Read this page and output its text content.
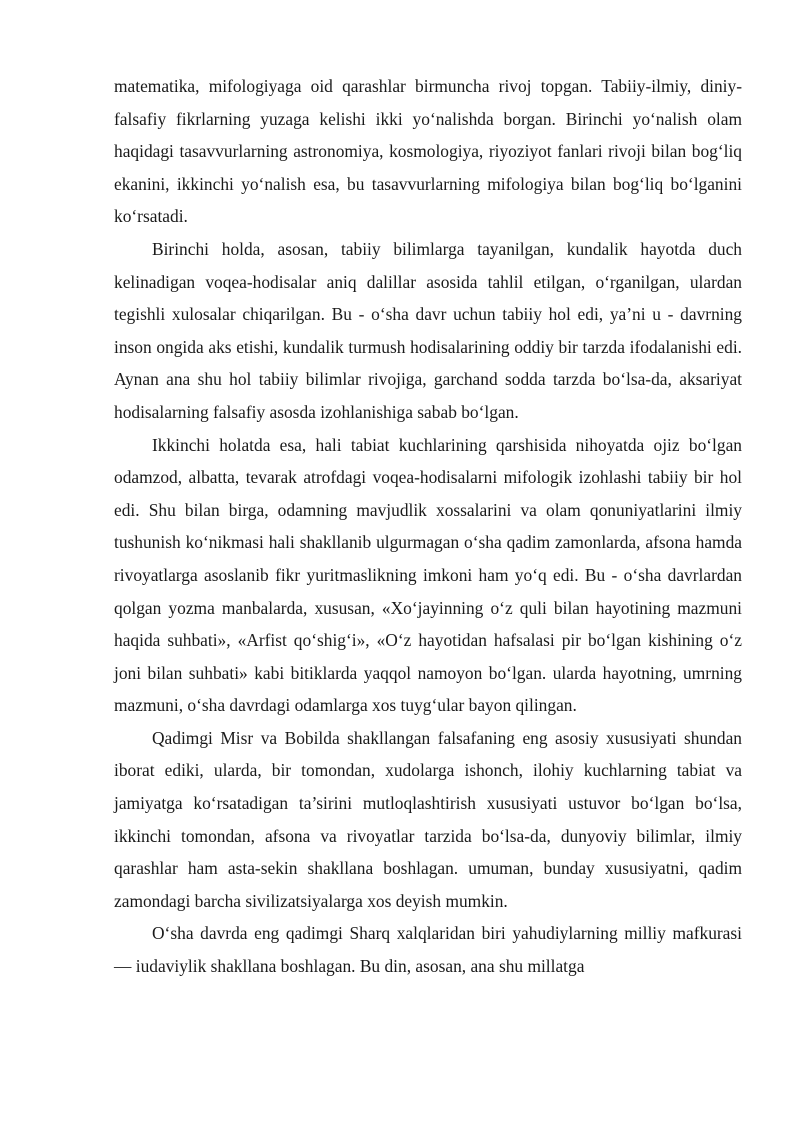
matematika, mifologiyaga oid qarashlar birmuncha rivoj topgan. Tabiiy-ilmiy, diniy-falsafiy fikrlarning yuzaga kelishi ikki yo‘nalishda borgan. Birinchi yo‘nalish olam haqidagi tasavvurlarning astronomiya, kosmologiya, riyoziyot fanlari rivoji bilan bog‘liq ekanini, ikkinchi yo‘nalish esa, bu tasavvurlarning mifologiya bilan bog‘liq bo‘lganini ko‘rsatadi.

Birinchi holda, asosan, tabiiy bilimlarga tayanilgan, kundalik hayotda duch kelinadigan voqea-hodisalar aniq dalillar asosida tahlil etilgan, o‘rganilgan, ulardan tegishli xulosalar chiqarilgan. Bu - o‘sha davr uchun tabiiy hol edi, ya’ni u - davrning inson ongida aks etishi, kundalik turmush hodisalarining oddiy bir tarzda ifodalanishi edi. Aynan ana shu hol tabiiy bilimlar rivojiga, garchand sodda tarzda bo‘lsa-da, aksariyat hodisalarning falsafiy asosda izohlanishiga sabab bo‘lgan.

Ikkinchi holatda esa, hali tabiat kuchlarining qarshisida nihoyatda ojiz bo‘lgan odamzod, albatta, tevarak atrofdagi voqea-hodisalarni mifologik izohlashi tabiiy bir hol edi. Shu bilan birga, odamning mavjudlik xossalarini va olam qonuniyatlarini ilmiy tushunish ko‘nikmasi hali shakllanib ulgurmagan o‘sha qadim zamonlarda, afsona hamda rivoyatlarga asoslanib fikr yuritmaslikning imkoni ham yo‘q edi. Bu - o‘sha davrlardan qolgan yozma manbalarda, xususan, «Xo‘jayinning o‘z quli bilan hayotining mazmuni haqida suhbati», «Arfist qo‘shig‘i», «O‘z hayotidan hafsalasi pir bo‘lgan kishining o‘z joni bilan suhbati» kabi bitiklarda yaqqol namoyon bo‘lgan. ularda hayotning, umrning mazmuni, o‘sha davrdagi odamlarga xos tuyg‘ular bayon qilingan.

Qadimgi Misr va Bobilda shakllangan falsafaning eng asosiy xususiyati shundan iborat ediki, ularda, bir tomondan, xudolarga ishonch, ilohiy kuchlarning tabiat va jamiyatga ko‘rsatadigan ta’sirini mutloqlashtirish xususiyati ustuvor bo‘lgan bo‘lsa, ikkinchi tomondan, afsona va rivoyatlar tarzida bo‘lsa-da, dunyoviy bilimlar, ilmiy qarashlar ham asta-sekin shakllana boshlagan. umuman, bunday xususiyatni, qadim zamondagi barcha sivilizatsiyalarga xos deyish mumkin.

O‘sha davrda eng qadimgi Sharq xalqlaridan biri yahudiylarning milliy mafkurasi — iudaviylik shakllana boshlagan. Bu din, asosan, ana shu millatga
